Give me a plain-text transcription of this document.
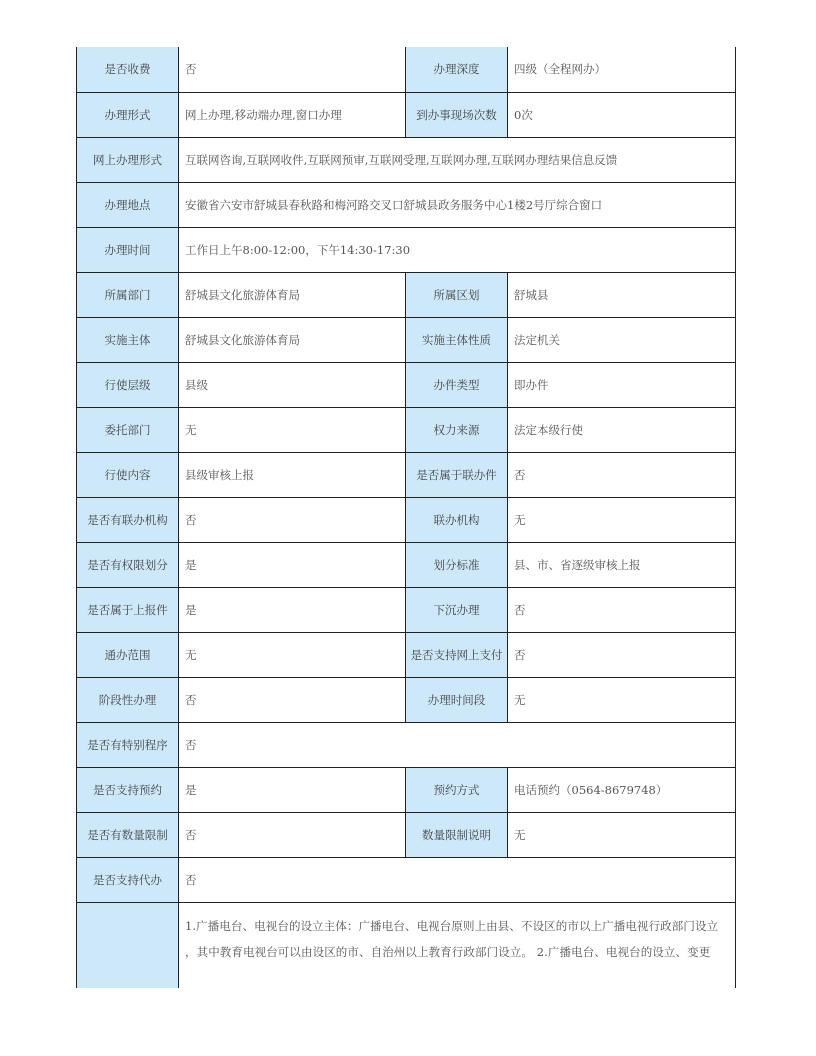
是否收费	否	办理深度	四级（全程网办）
办理形式	网上办理,移动端办理,窗口办理	到办事现场次数	0次
网上办理形式	互联网咨询,互联网收件,互联网预审,互联网受理,互联网办理,互联网办理结果信息反馈		
办理地点	安徽省六安市舒城县春秋路和梅河路交叉口舒城县政务服务中心1楼2号厅综合窗口		
办理时间	工作日上午8:00-12:00，下午14:30-17:30		
所属部门	舒城县文化旅游体育局	所属区划	舒城县
实施主体	舒城县文化旅游体育局	实施主体性质	法定机关
行使层级	县级	办件类型	即办件
委托部门	无	权力来源	法定本级行使
行使内容	县级审核上报	是否属于联办件	否
是否有联办机构	否	联办机构	无
是否有权限划分	是	划分标准	县、市、省逐级审核上报
是否属于上报件	是	下沉办理	否
通办范围	无	是否支持网上支付	否
阶段性办理	否	办理时间段	无
是否有特别程序	否		
是否支持预约	是	预约方式	电话预约（0564-8679748）
是否有数量限制	否	数量限制说明	无
是否支持代办	否		

	1.广播电台、电视台的设立主体：广播电台、电视台原则上由县、不设区的市以上广播电视行政部门设立
，其中教育电视台可以由设区的市、自治州以上教育行政部门设立。 2.广播电台、电视台的设立、变更		
